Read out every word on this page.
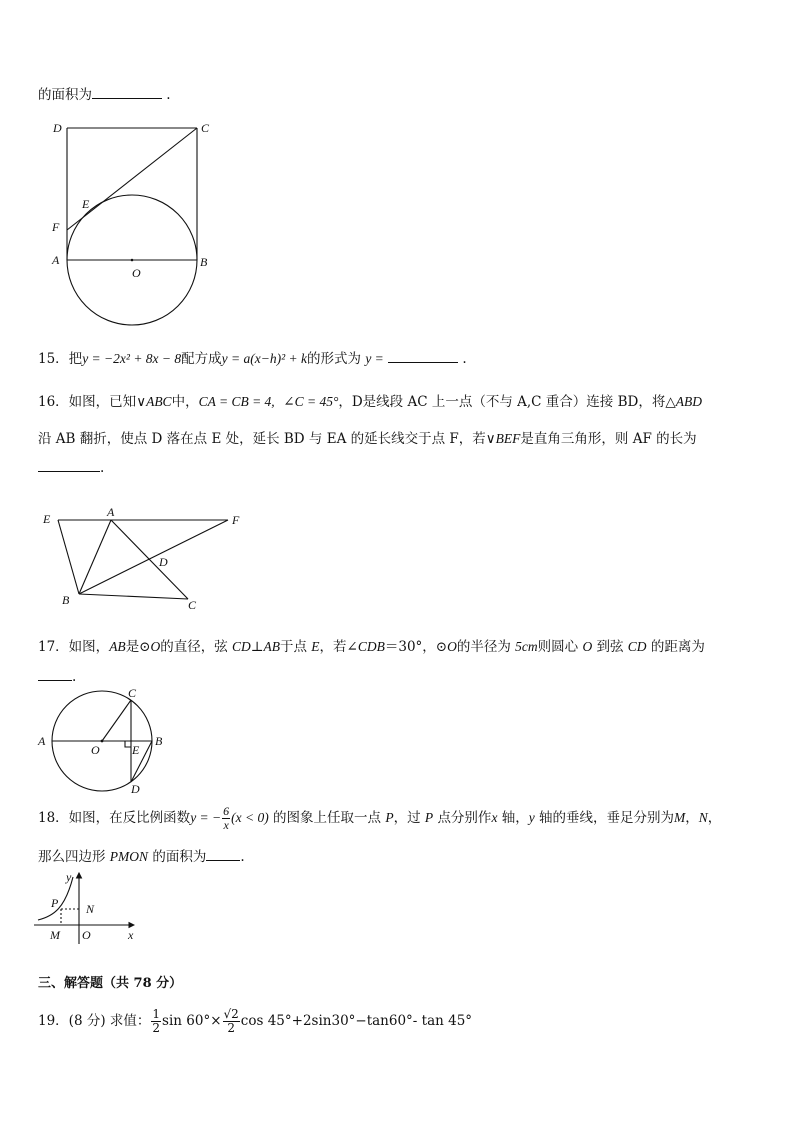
的面积为	.
D	C
E
F
A
O
B
15．把y = −2x² + 8x − 8配方成y = a(x−h)² + k的形式为 y =	.
16．如图，已知∨ABC中，CA = CB = 4, ∠C = 45°，D是线段 AC 上一点（不与 A,C 重合）连接 BD，将△ABD
沿 AB 翻折，使点 D 落在点 E 处，延长 BD 与 EA 的延长线交于点 F，若∨BEF是直角三角形，则 AF 的长为
.
E	A
F
D
B	C
17．如图，AB是⊙O的直径，弦 CD⊥AB于点 E，若∠CDB＝30°，⊙O的半径为 5cm则圆心 O 到弦 CD 的距离为
.
A
O	E
B
C
D
18．如图，在反比例函数y = − $\frac{6}{x} (x < 0)$ 的图象上任取一点 P，过 P 点分别作x 轴，y 轴的垂线，垂足分别为M，N，
那么四边形 PMON 的面积为	.
y
P N
M O	x
三、解答题（共 78 分）
19．(8 分) 求值： $\frac{1}{2}$ $\sin 60^\circ\times \frac{√2}{2}$ cos 45°+2sin30°−tan60°- tan 45°
